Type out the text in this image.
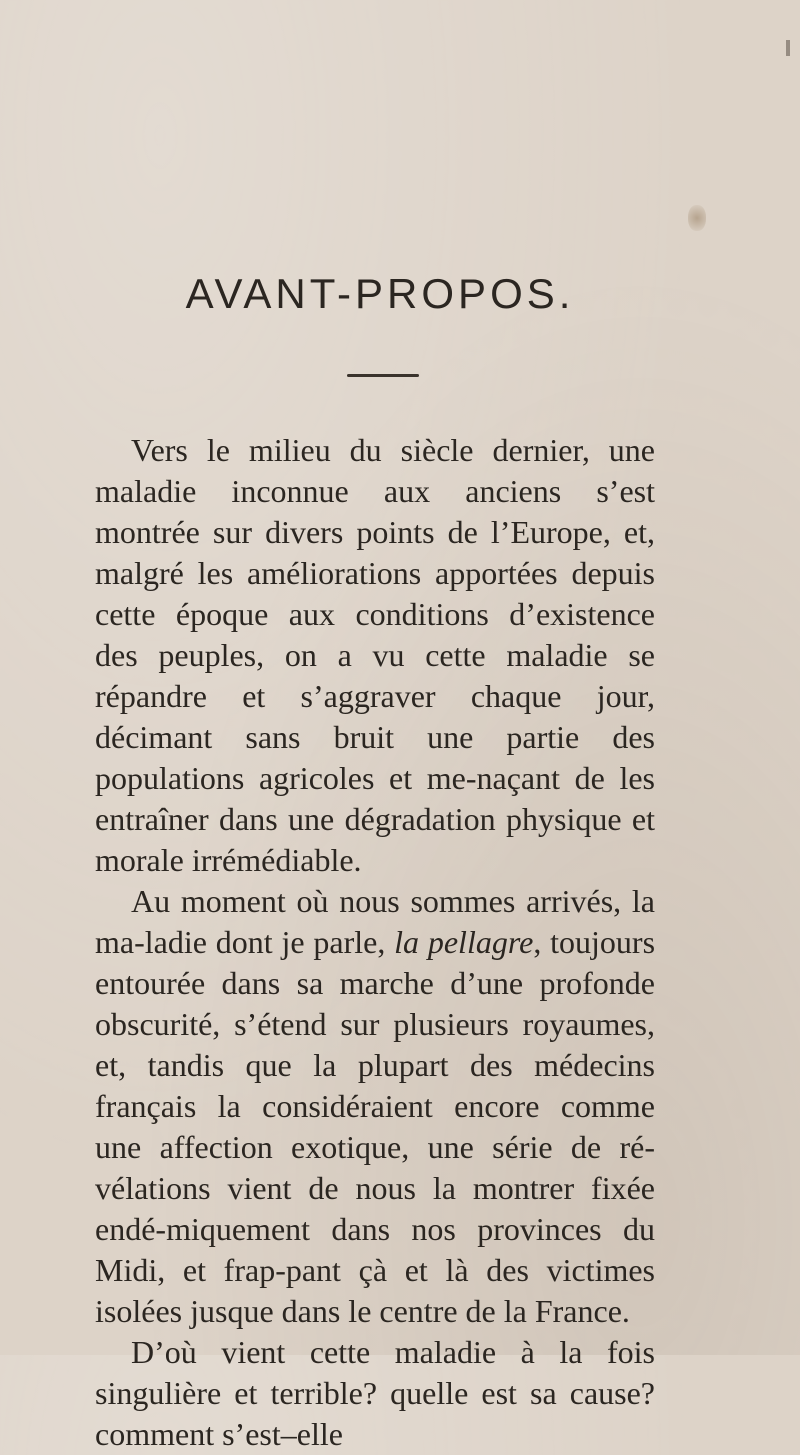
AVANT-PROPOS.

Vers le milieu du siècle dernier, une maladie inconnue aux anciens s’est montrée sur divers points de l’Europe, et, malgré les améliorations apportées depuis cette époque aux conditions d’existence des peuples, on a vu cette maladie se répandre et s’aggraver chaque jour, décimant sans bruit une partie des populations agricoles et me-naçant de les entraîner dans une dégradation physique et morale irrémédiable.

Au moment où nous sommes arrivés, la ma-ladie dont je parle, la pellagre, toujours entourée dans sa marche d’une profonde obscurité, s’étend sur plusieurs royaumes, et, tandis que la plupart des médecins français la considéraient encore comme une affection exotique, une série de ré-vélations vient de nous la montrer fixée endé-miquement dans nos provinces du Midi, et frap-pant çà et là des victimes isolées jusque dans le centre de la France.

D’où vient cette maladie à la fois singulière et terrible? quelle est sa cause? comment s’est–elle
